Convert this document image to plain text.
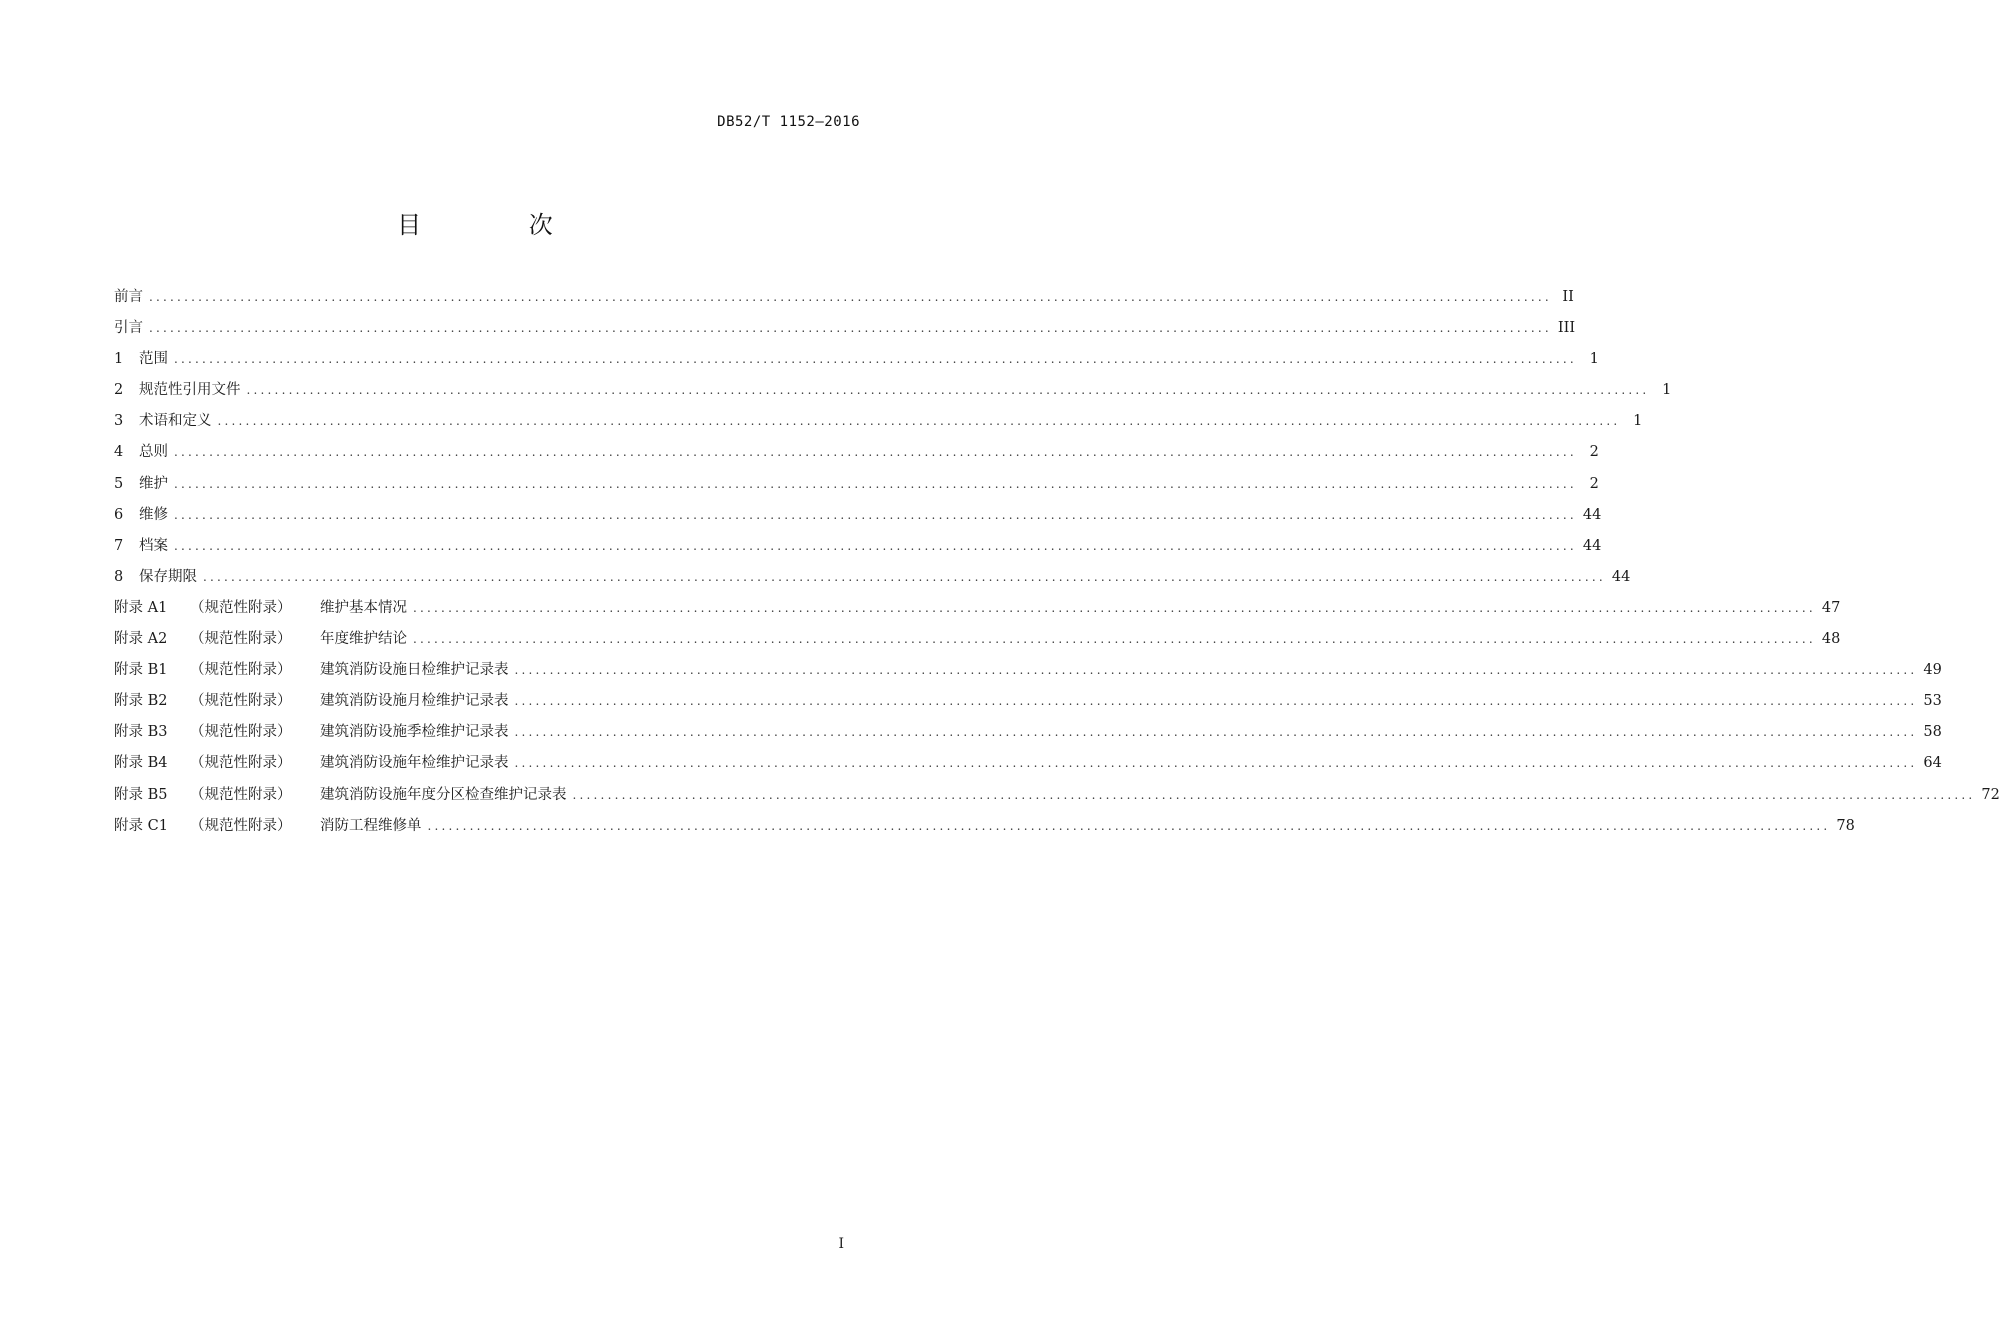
DB52/T 1152—2016
目 次
前言 ........................................................................................................................................................................................................ II
引言 ........................................................................................................................................................................................................ III
1	范围 ........................................................................................................................................................................................................ 1
2	规范性引用文件 ........................................................................................................................................................................................................ 1
3	术语和定义 ........................................................................................................................................................................................................ 1
4	总则 ........................................................................................................................................................................................................ 2
5	维护 ........................................................................................................................................................................................................ 2
6	维修 ........................................................................................................................................................................................................ 44
7	档案 ........................................................................................................................................................................................................ 44
8	保存期限 ........................................................................................................................................................................................................ 44
附录 A1	（规范性附录）	维护基本情况 ........................................................................................................................................................................................................ 47
附录 A2	（规范性附录）	年度维护结论 ........................................................................................................................................................................................................ 48
附录 B1	（规范性附录）	建筑消防设施日检维护记录表 ........................................................................................................................................................................................................ 49
附录 B2	（规范性附录）	建筑消防设施月检维护记录表 ........................................................................................................................................................................................................ 53
附录 B3	（规范性附录）	建筑消防设施季检维护记录表 ........................................................................................................................................................................................................ 58
附录 B4	（规范性附录）	建筑消防设施年检维护记录表 ........................................................................................................................................................................................................ 64
附录 B5	（规范性附录）	建筑消防设施年度分区检查维护记录表 ........................................................................................................................................................................................................ 72
附录 C1	（规范性附录）	消防工程维修单 ........................................................................................................................................................................................................ 78
I
